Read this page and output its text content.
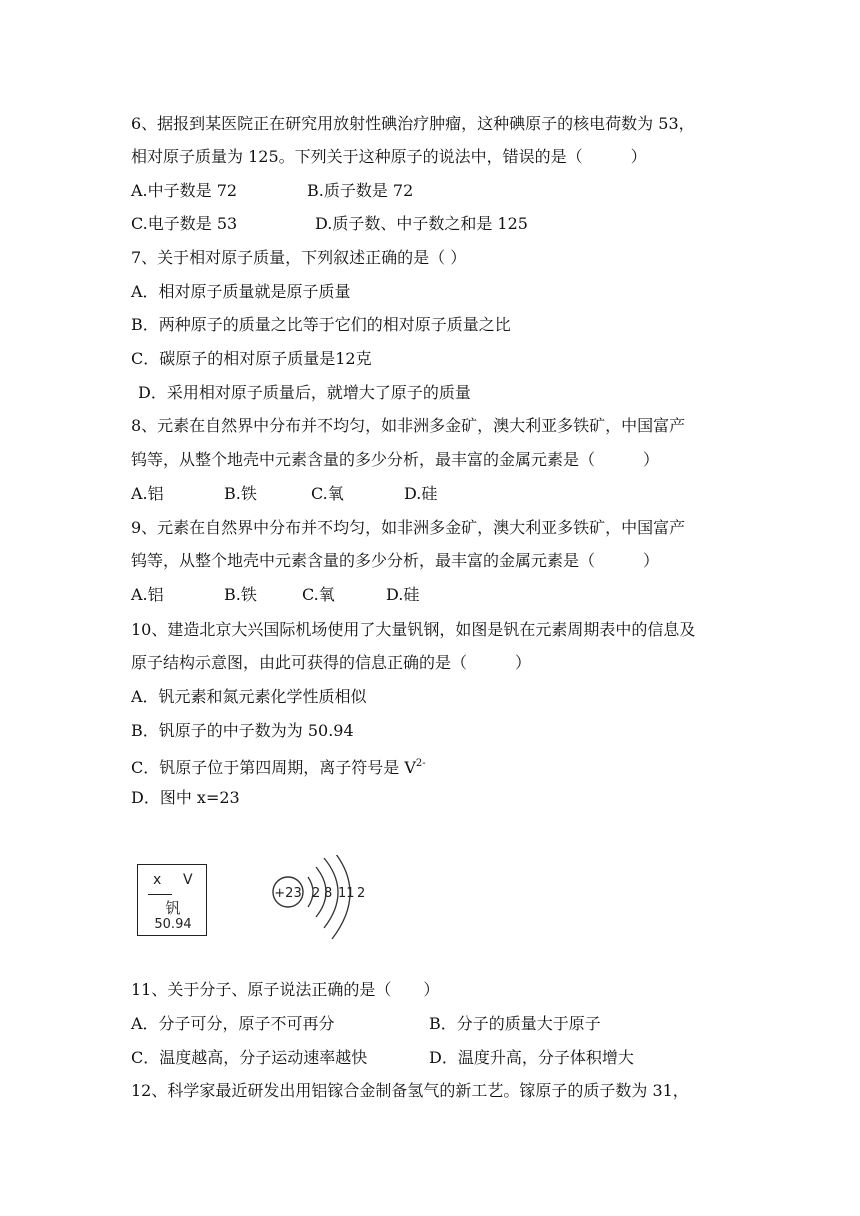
6、据报到某医院正在研究用放射性碘治疗肿瘤，这种碘原子的核电荷数为 53，
相对原子质量为 125。下列关于这种原子的说法中，错误的是（　　　）
A.中子数是 72	B.质子数是 72
C.电子数是 53	D.质子数、中子数之和是 125
7、关于相对原子质量，下列叙述正确的是（ ）
A．相对原子质量就是原子质量
B．两种原子的质量之比等于它们的相对原子质量之比
C．碳原子的相对原子质量是12克
D．采用相对原子质量后，就增大了原子的质量
8、元素在自然界中分布并不均匀，如非洲多金矿，澳大利亚多铁矿，中国富产
钨等，从整个地壳中元素含量的多少分析，最丰富的金属元素是（　　　）
A.铝	B.铁	C.氧	D.硅
9、元素在自然界中分布并不均匀，如非洲多金矿，澳大利亚多铁矿，中国富产
钨等，从整个地壳中元素含量的多少分析，最丰富的金属元素是（　　　）
A.铝	B.铁	C.氧	D.硅
10、建造北京大兴国际机场使用了大量钒钢，如图是钒在元素周期表中的信息及
原子结构示意图，由此可获得的信息正确的是（　　　）
A．钒元素和氮元素化学性质相似
B．钒原子的中子数为为 50.94
C．钒原子位于第四周期，离子符号是 $V^{2-}$
D．图中 x=23
x V
钒
50.94
+23 2 8 11 2
11、关于分子、原子说法正确的是（　　）
A．分子可分，原子不可再分	B．分子的质量大于原子
C．温度越高，分子运动速率越快	D．温度升高，分子体积增大
12、科学家最近研发出用铝镓合金制备氢气的新工艺。镓原子的质子数为 31，
